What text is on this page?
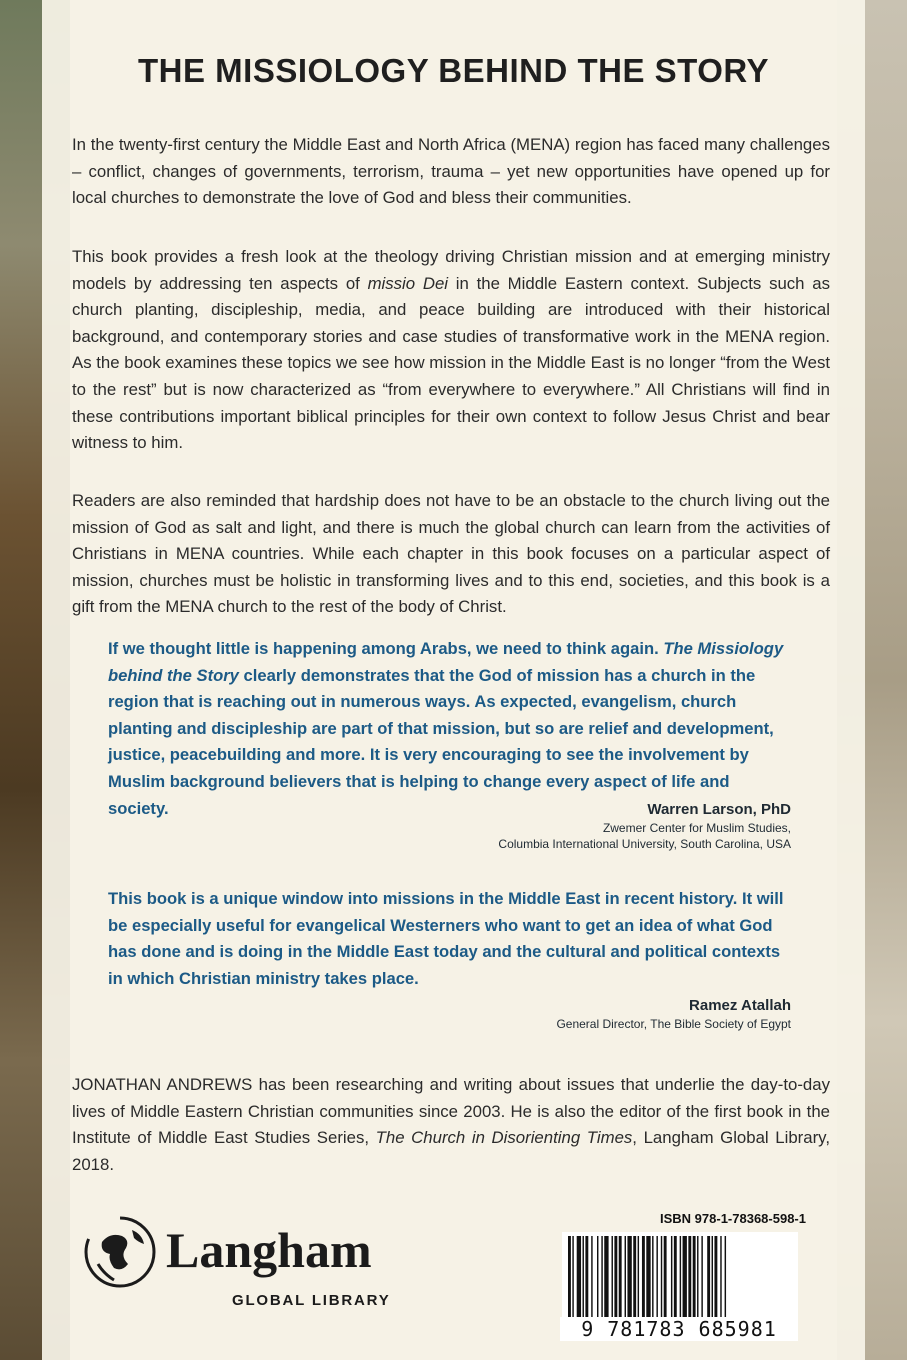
THE MISSIOLOGY BEHIND THE STORY

In the twenty-first century the Middle East and North Africa (MENA) region has faced many challenges – conflict, changes of governments, terrorism, trauma – yet new opportunities have opened up for local churches to demonstrate the love of God and bless their communities.

This book provides a fresh look at the theology driving Christian mission and at emerging ministry models by addressing ten aspects of missio Dei in the Middle Eastern context. Subjects such as church planting, discipleship, media, and peace building are introduced with their historical background, and contemporary stories and case studies of transformative work in the MENA region. As the book examines these topics we see how mission in the Middle East is no longer “from the West to the rest” but is now characterized as “from everywhere to everywhere.” All Christians will find in these contributions important biblical principles for their own context to follow Jesus Christ and bear witness to him.

Readers are also reminded that hardship does not have to be an obstacle to the church living out the mission of God as salt and light, and there is much the global church can learn from the activities of Christians in MENA countries. While each chapter in this book focuses on a particular aspect of mission, churches must be holistic in transforming lives and to this end, societies, and this book is a gift from the MENA church to the rest of the body of Christ.

If we thought little is happening among Arabs, we need to think again. The Missiology behind the Story clearly demonstrates that the God of mission has a church in the region that is reaching out in numerous ways. As expected, evangelism, church planting and discipleship are part of that mission, but so are relief and development, justice, peacebuilding and more. It is very encouraging to see the involvement by Muslim background believers that is helping to change every aspect of life and society.	Warren Larson, PhD
Zwemer Center for Muslim Studies,
Columbia International University, South Carolina, USA

This book is a unique window into missions in the Middle East in recent history. It will be especially useful for evangelical Westerners who want to get an idea of what God has done and is doing in the Middle East today and the cultural and political contexts in which Christian ministry takes place.

Ramez Atallah
General Director, The Bible Society of Egypt

JONATHAN ANDREWS has been researching and writing about issues that underlie the day-to-day lives of Middle Eastern Christian communities since 2003. He is also the editor of the first book in the Institute of Middle East Studies Series, The Church in Disorienting Times, Langham Global Library, 2018.

Langham
GLOBAL LIBRARY
ISBN 978-1-78368-598-1
9 781783 685981
